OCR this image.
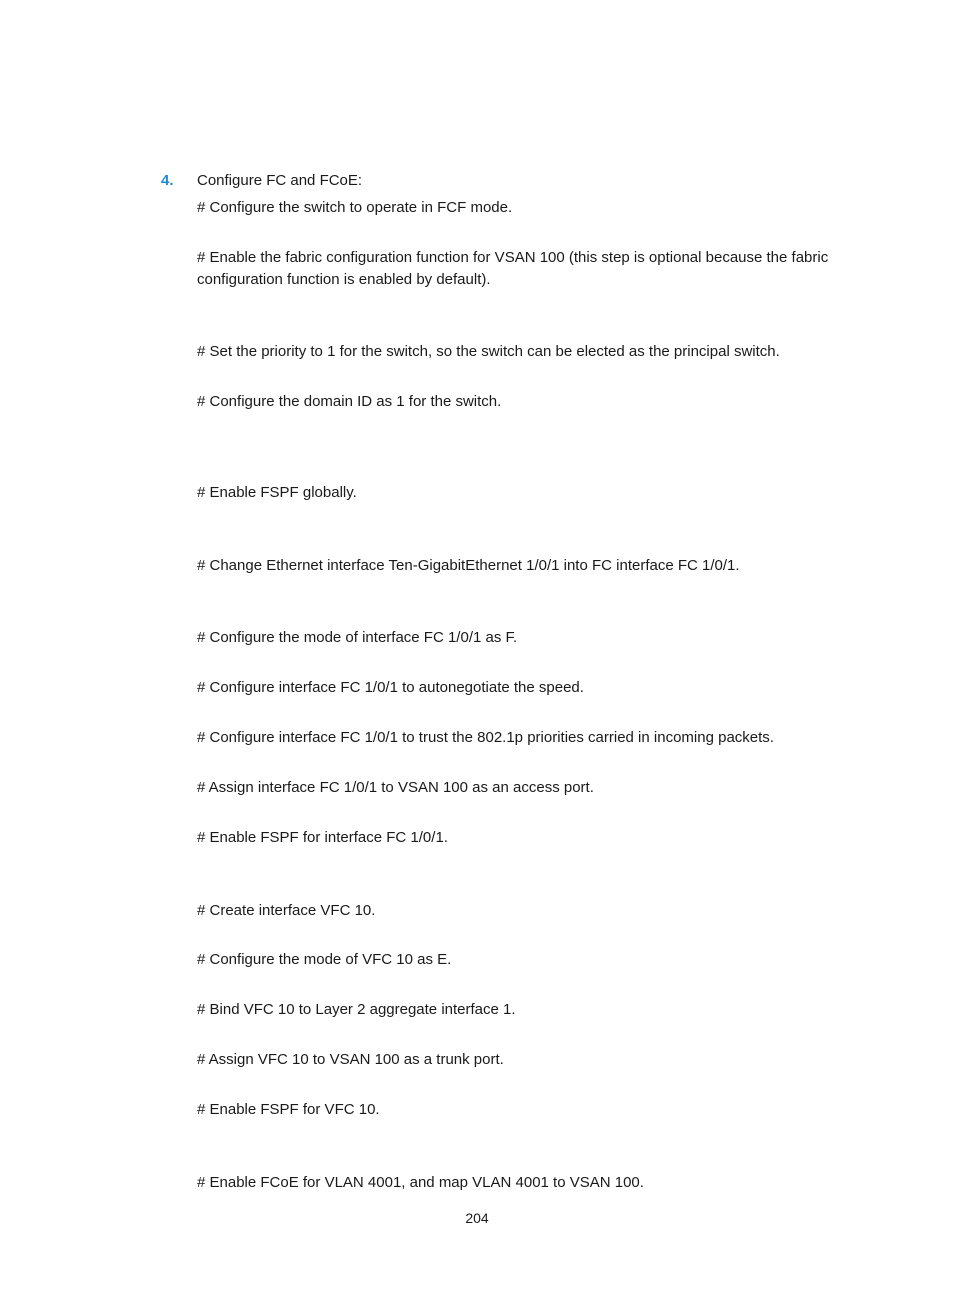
4. Configure FC and FCoE:
# Configure the switch to operate in FCF mode.
# Enable the fabric configuration function for VSAN 100 (this step is optional because the fabric configuration function is enabled by default).
# Set the priority to 1 for the switch, so the switch can be elected as the principal switch.
# Configure the domain ID as 1 for the switch.
# Enable FSPF globally.
# Change Ethernet interface Ten-GigabitEthernet 1/0/1 into FC interface FC 1/0/1.
# Configure the mode of interface FC 1/0/1 as F.
# Configure interface FC 1/0/1 to autonegotiate the speed.
# Configure interface FC 1/0/1 to trust the 802.1p priorities carried in incoming packets.
# Assign interface FC 1/0/1 to VSAN 100 as an access port.
# Enable FSPF for interface FC 1/0/1.
# Create interface VFC 10.
# Configure the mode of VFC 10 as E.
# Bind VFC 10 to Layer 2 aggregate interface 1.
# Assign VFC 10 to VSAN 100 as a trunk port.
# Enable FSPF for VFC 10.
# Enable FCoE for VLAN 4001, and map VLAN 4001 to VSAN 100.
204
